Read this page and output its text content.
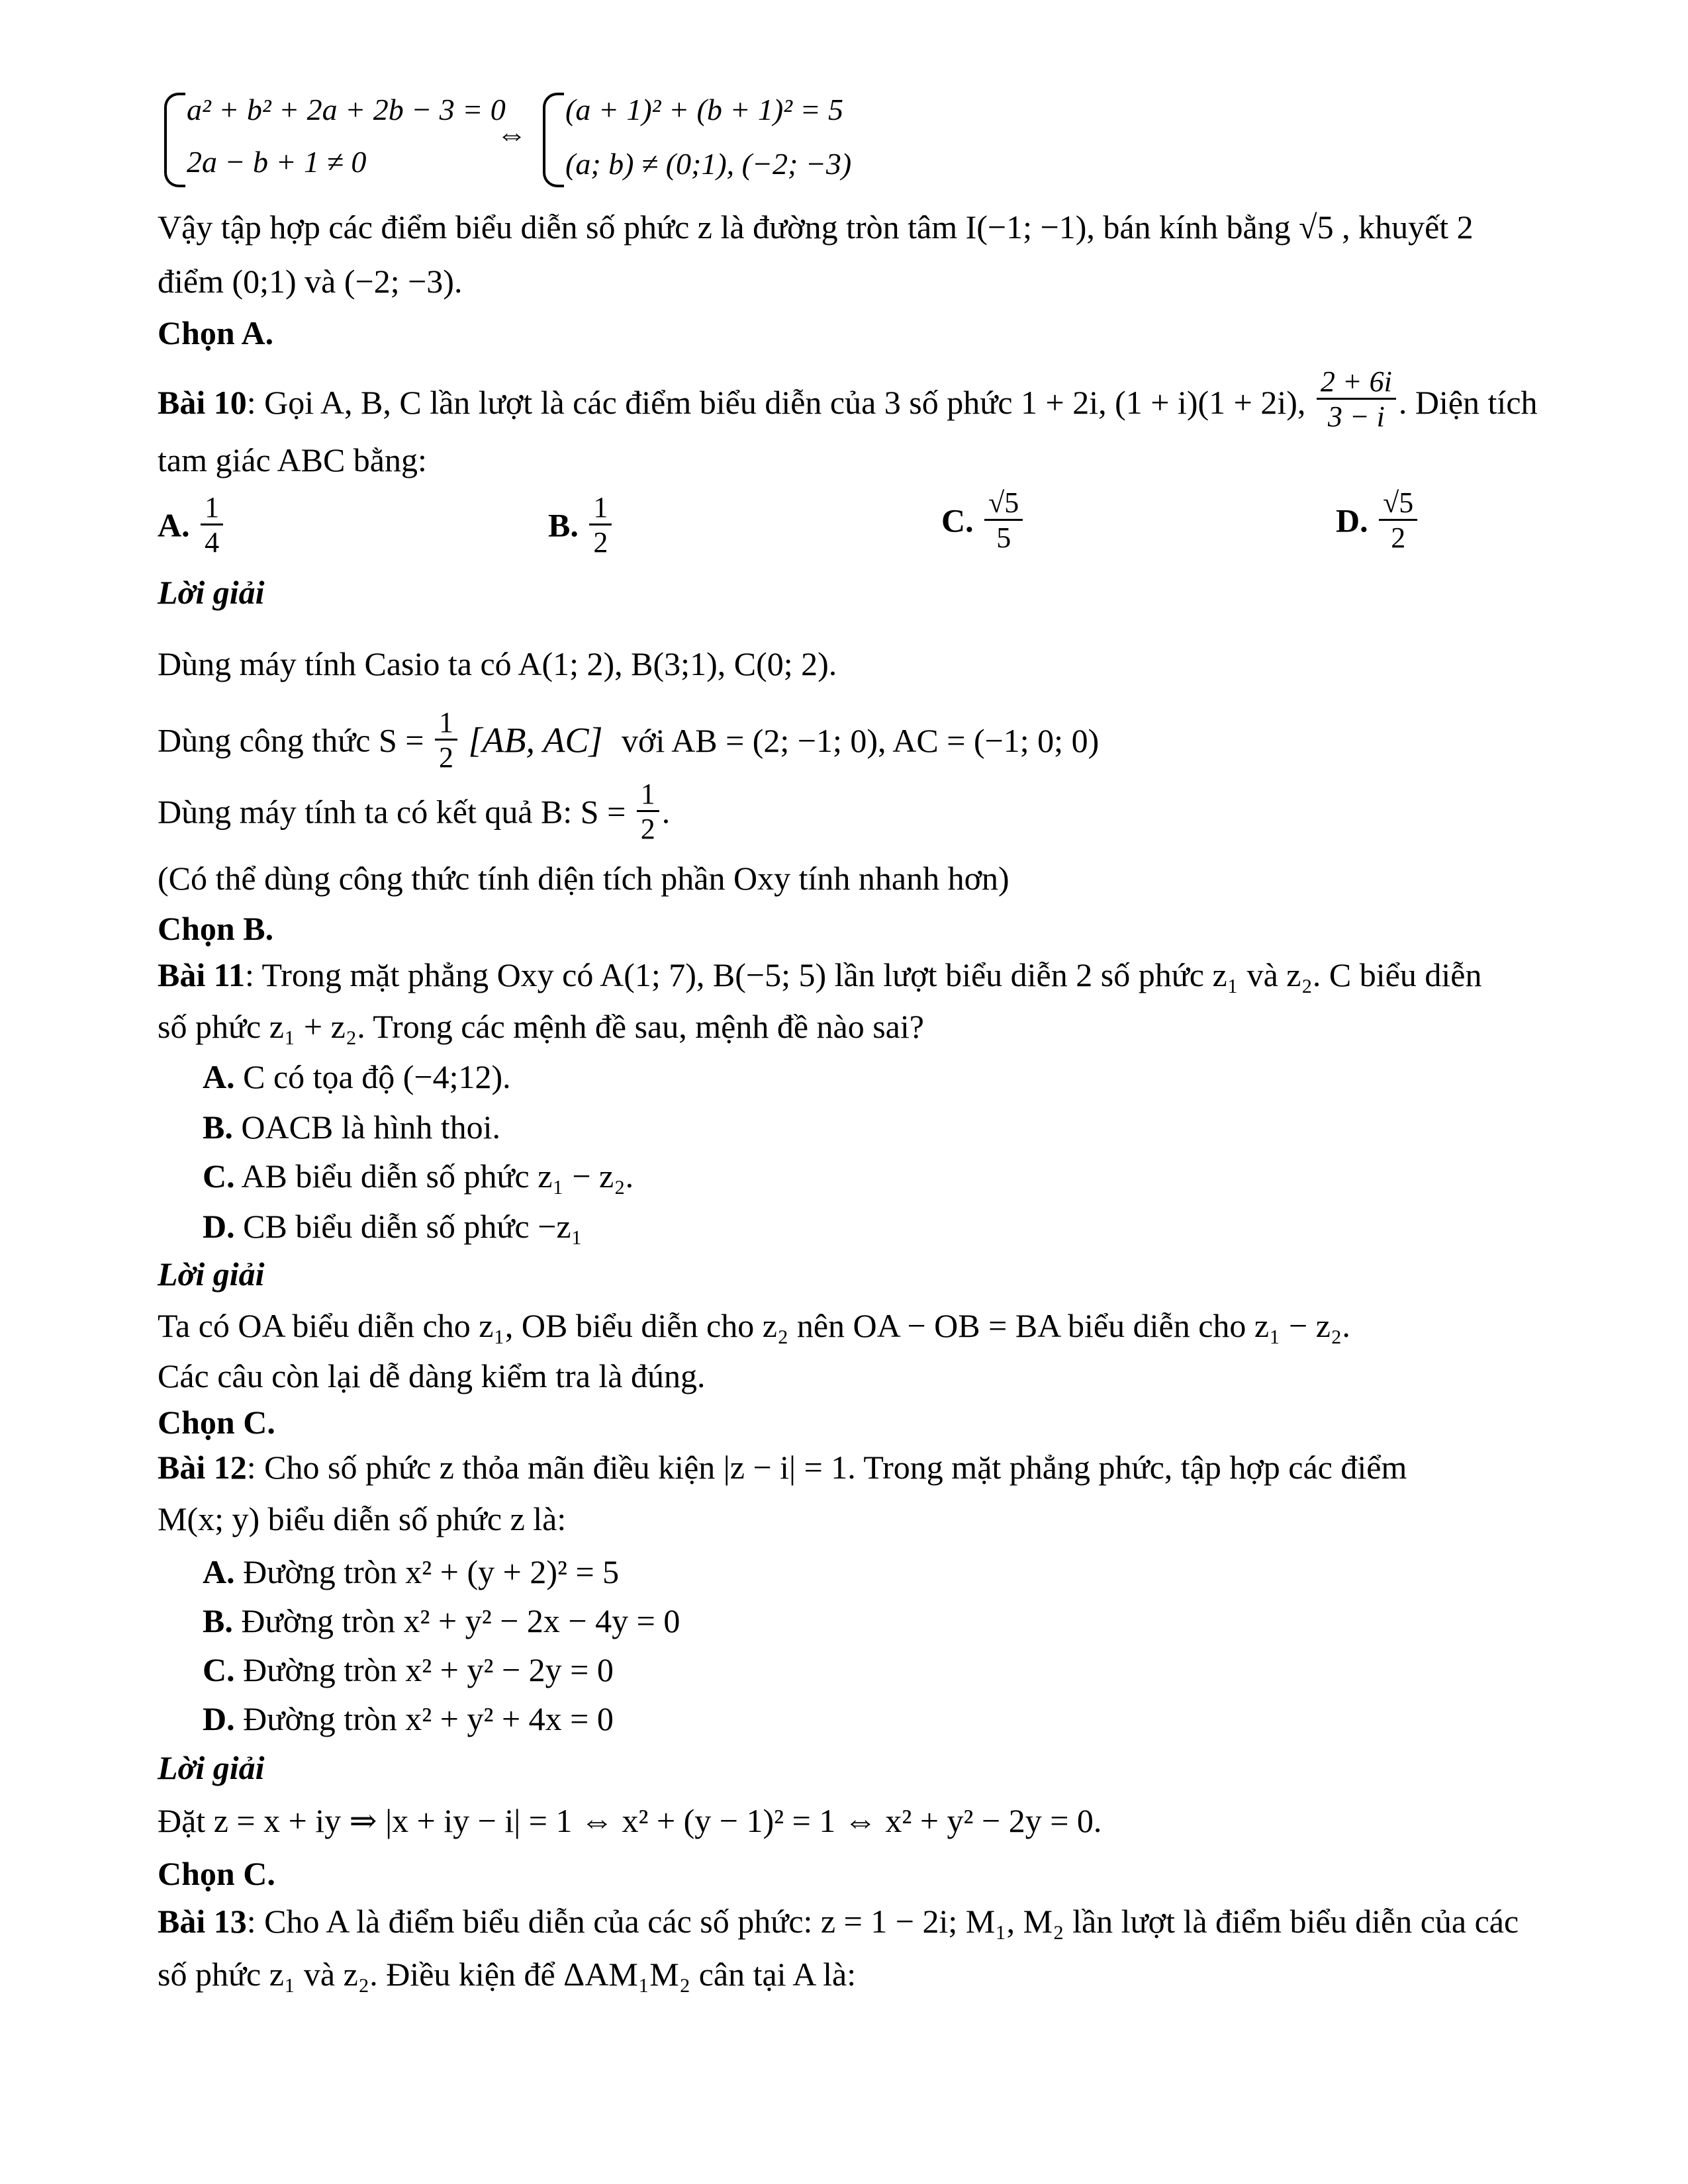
a² + b² + 2a + 2b − 3 = 0
2a − b + 1 ≠ 0
⇔
(a + 1)² + (b + 1)² = 5
(a; b) ≠ (0;1), (−2; −3)
Vậy tập hợp các điểm biểu diễn số phức z là đường tròn tâm I(−1; −1), bán kính bằng √5 , khuyết 2
điểm (0;1) và (−2; −3).
Chọn A.
Bài 10: Gọi A, B, C lần lượt là các điểm biểu diễn của 3 số phức 1 + 2i, (1 + i)(1 + 2i), $\frac{2 + 6i}{3 - i}$ . Diện tích
tam giác ABC bằng:
A. $\frac{1}{4}$	B. $\frac{1}{2}$	C. $\frac{√5}{5}$	D. $\frac{√5}{2}$
Lời giải
Dùng máy tính Casio ta có A(1; 2), B(3;1), C(0; 2).
Dùng công thức $S = \frac{1}{2} [AB$, AC] với AB = (2; −1; 0), AC = (−1; 0; 0)
Dùng máy tính ta có kết quả B: $S = \frac{1}{2}$ .
(Có thể dùng công thức tính diện tích phần Oxy tính nhanh hơn)
Chọn B.
Bài 11: Trong mặt phẳng Oxy có A(1; 7), B(−5; 5) lần lượt biểu diễn 2 số phức z₁ và z₂. C biểu diễn
số phức z₁ + z₂. Trong các mệnh đề sau, mệnh đề nào sai?
A. C có tọa độ (−4;12).
B. OACB là hình thoi.
C. AB biểu diễn số phức z₁ − z₂.
D. CB biểu diễn số phức −z₁
Lời giải
Ta có OA biểu diễn cho z₁, OB biểu diễn cho z₂ nên OA − OB = BA biểu diễn cho z₁ − z₂.
Các câu còn lại dễ dàng kiểm tra là đúng.
Chọn C.
Bài 12: Cho số phức z thỏa mãn điều kiện |z − i| = 1. Trong mặt phẳng phức, tập hợp các điểm
M(x; y) biểu diễn số phức z là:
A. Đường tròn x² + (y + 2)² = 5
B. Đường tròn x² + y² − 2x − 4y = 0
C. Đường tròn x² + y² − 2y = 0
D. Đường tròn x² + y² + 4x = 0
Lời giải
Đặt z = x + iy ⇒ |x + iy − i| = 1 ⇔ x² + (y − 1)² = 1 ⇔ x² + y² − 2y = 0.
Chọn C.
Bài 13: Cho A là điểm biểu diễn của các số phức: z = 1 − 2i; M₁, M₂ lần lượt là điểm biểu diễn của các
số phức z₁ và z₂. Điều kiện để ΔAM₁M₂ cân tại A là:
